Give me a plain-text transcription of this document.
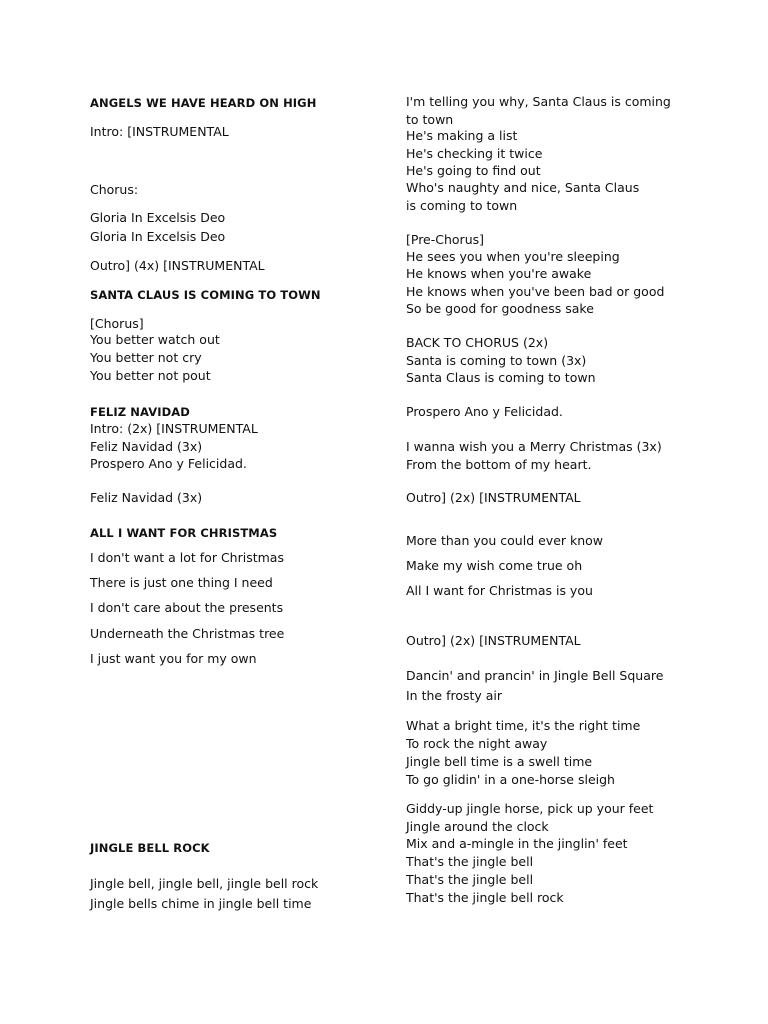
ANGELS WE HAVE HEARD ON HIGH
Intro: [INSTRUMENTAL
Chorus:
Gloria In Excelsis Deo
Gloria In Excelsis Deo
Outro] (4x) [INSTRUMENTAL
SANTA CLAUS IS COMING TO TOWN
[Chorus]
You better watch out
You better not cry
You better not pout
FELIZ NAVIDAD
Intro: (2x) [INSTRUMENTAL
Feliz Navidad (3x)
Prospero Ano y Felicidad.
Feliz Navidad (3x)
ALL I WANT FOR CHRISTMAS
I don't want a lot for Christmas
There is just one thing I need
I don't care about the presents
Underneath the Christmas tree
I just want you for my own
JINGLE BELL ROCK
Jingle bell, jingle bell, jingle bell rock
Jingle bells chime in jingle bell time
I'm telling you why, Santa Claus is coming to town
He's making a list
He's checking it twice
He's going to find out
Who's naughty and nice, Santa Claus is coming to town
[Pre-Chorus]
He sees you when you're sleeping
He knows when you're awake
He knows when you've been bad or good
So be good for goodness sake
BACK TO CHORUS (2x)
Santa is coming to town (3x)
Santa Claus is coming to town
Prospero Ano y Felicidad.
I wanna wish you a Merry Christmas (3x)
From the bottom of my heart.
Outro] (2x) [INSTRUMENTAL
More than you could ever know
Make my wish come true oh
All I want for Christmas is you
Outro] (2x) [INSTRUMENTAL
Dancin' and prancin' in Jingle Bell Square
In the frosty air
What a bright time, it's the right time
To rock the night away
Jingle bell time is a swell time
To go glidin' in a one-horse sleigh
Giddy-up jingle horse, pick up your feet
Jingle around the clock
Mix and a-mingle in the jinglin' feet
That's the jingle bell
That's the jingle bell
That's the jingle bell rock
